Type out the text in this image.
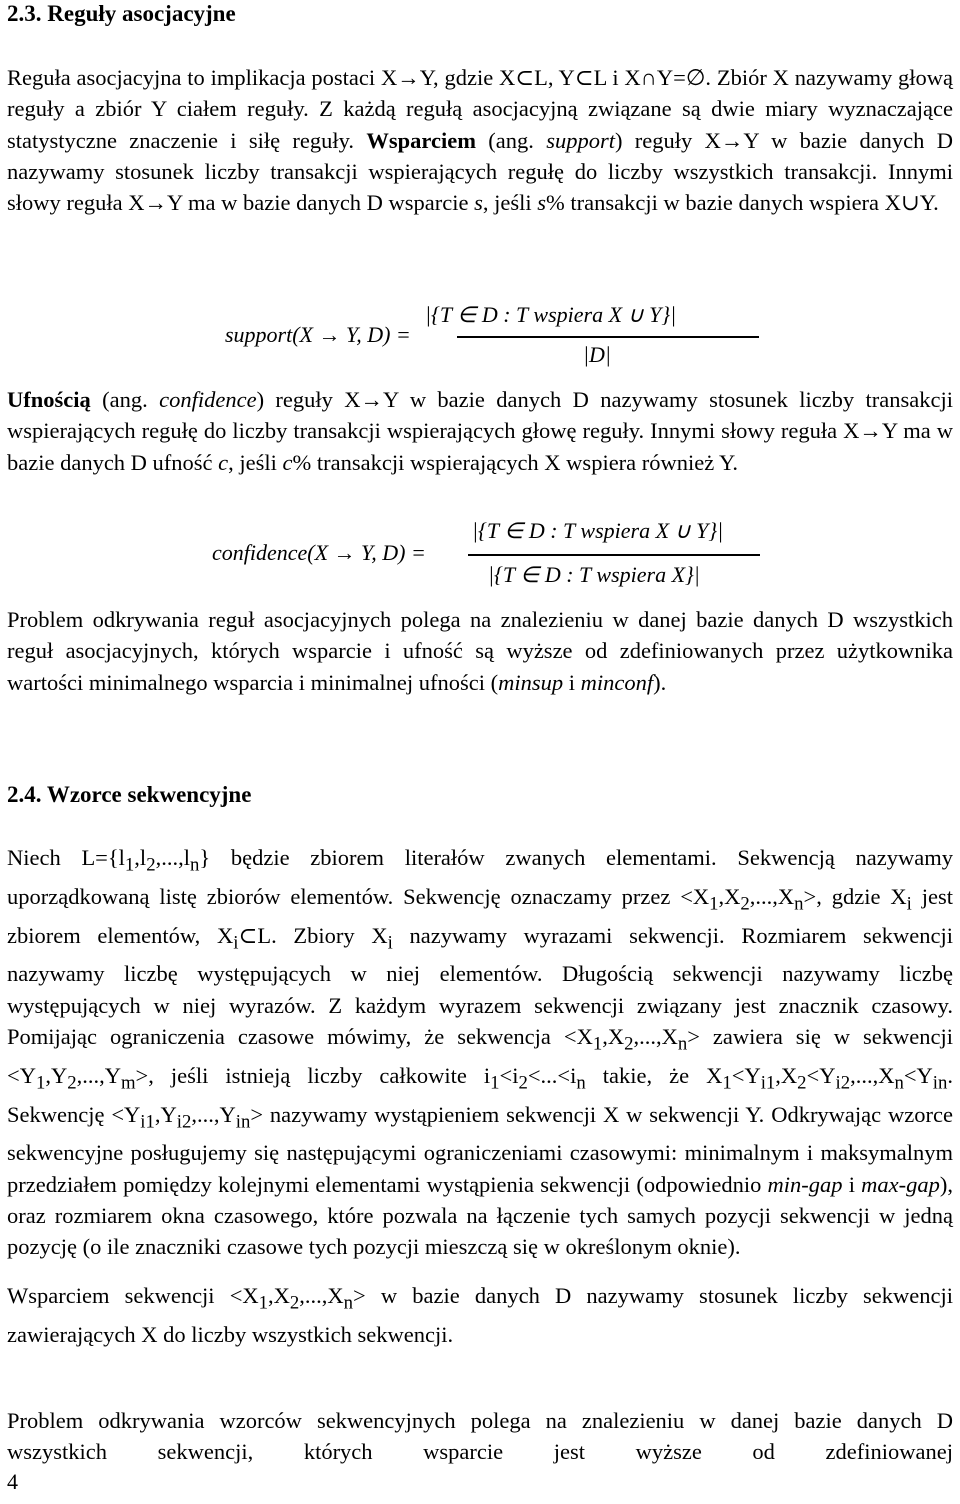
2.3. Reguły asocjacyjne

Reguła asocjacyjna to implikacja postaci X→Y, gdzie X⊂L, Y⊂L i X∩Y=∅. Zbiór X nazywamy głową reguły a zbiór Y ciałem reguły. Z każdą regułą asocjacyjną związane są dwie miary wyznaczające statystyczne znaczenie i siłę reguły. Wsparciem (ang. support) reguły X→Y w bazie danych D nazywamy stosunek liczby transakcji wspierających regułę do liczby wszystkich transakcji. Innymi słowy reguła X→Y ma w bazie danych D wsparcie s, jeśli s% transakcji w bazie danych wspiera X∪Y.

|{T ∈ D : T wspiera X ∪ Y}|
support(X → Y, D) =
|D|

Ufnością (ang. confidence) reguły X→Y w bazie danych D nazywamy stosunek liczby transakcji wspierających regułę do liczby transakcji wspierających głowę reguły. Innymi słowy reguła X→Y ma w bazie danych D ufność c, jeśli c% transakcji wspierających X wspiera również Y.

|{T ∈ D : T wspiera X ∪ Y}|
confidence(X → Y, D) =
|{T ∈ D : T wspiera X}|

Problem odkrywania reguł asocjacyjnych polega na znalezieniu w danej bazie danych D wszystkich reguł asocjacyjnych, których wsparcie i ufność są wyższe od zdefiniowanych przez użytkownika wartości minimalnego wsparcia i minimalnej ufności (minsup i minconf).

2.4. Wzorce sekwencyjne

Niech $L=\{l_1,l_2,...,l_n\}$ będzie zbiorem literałów zwanych elementami. Sekwencją nazywamy uporządkowaną listę zbiorów elementów. Sekwencję oznaczamy przez $<X_1,X_2,...,X_n>$, gdzie $X_i$ jest zbiorem elementów, $X_i\subset L$. Zbiory $X_i$ nazywamy wyrazami sekwencji. Rozmiarem sekwencji nazywamy liczbę występujących w niej elementów. Długością sekwencji nazywamy liczbę występujących w niej wyrazów. Z każdym wyrazem sekwencji związany jest znacznik czasowy. Pomijając ograniczenia czasowe mówimy, że sekwencja $<X_1,X_2,...,X_n>$ zawiera się w sekwencji $<Y_1,Y_2,...,Y_m>$, jeśli istnieją liczby całkowite $i_1<i_2<...<i_n$ takie, że $X_1<Y_{i1},X_2<Y_{i2},...,X_n<Y_{in}$. Sekwencję $<Y_{i1},Y_{i2},...,Y_{in}>$ nazywamy wystąpieniem sekwencji X w sekwencji Y. Odkrywając wzorce sekwencyjne posługujemy się następującymi ograniczeniami czasowymi: minimalnym i maksymalnym przedziałem pomiędzy kolejnymi elementami wystąpienia sekwencji (odpowiednio min-gap i max-gap), oraz rozmiarem okna czasowego, które pozwala na łączenie tych samych pozycji sekwencji w jedną pozycję (o ile znaczniki czasowe tych pozycji mieszczą się w określonym oknie).

Wsparciem sekwencji $<X_1,X_2,...,X_n> w$ bazie danych D nazywamy stosunek liczby sekwencji zawierających X do liczby wszystkich sekwencji.

Problem odkrywania wzorców sekwencyjnych polega na znalezieniu w danej bazie danych D wszystkich sekwencji, których wsparcie jest wyższe od zdefiniowanej

4
